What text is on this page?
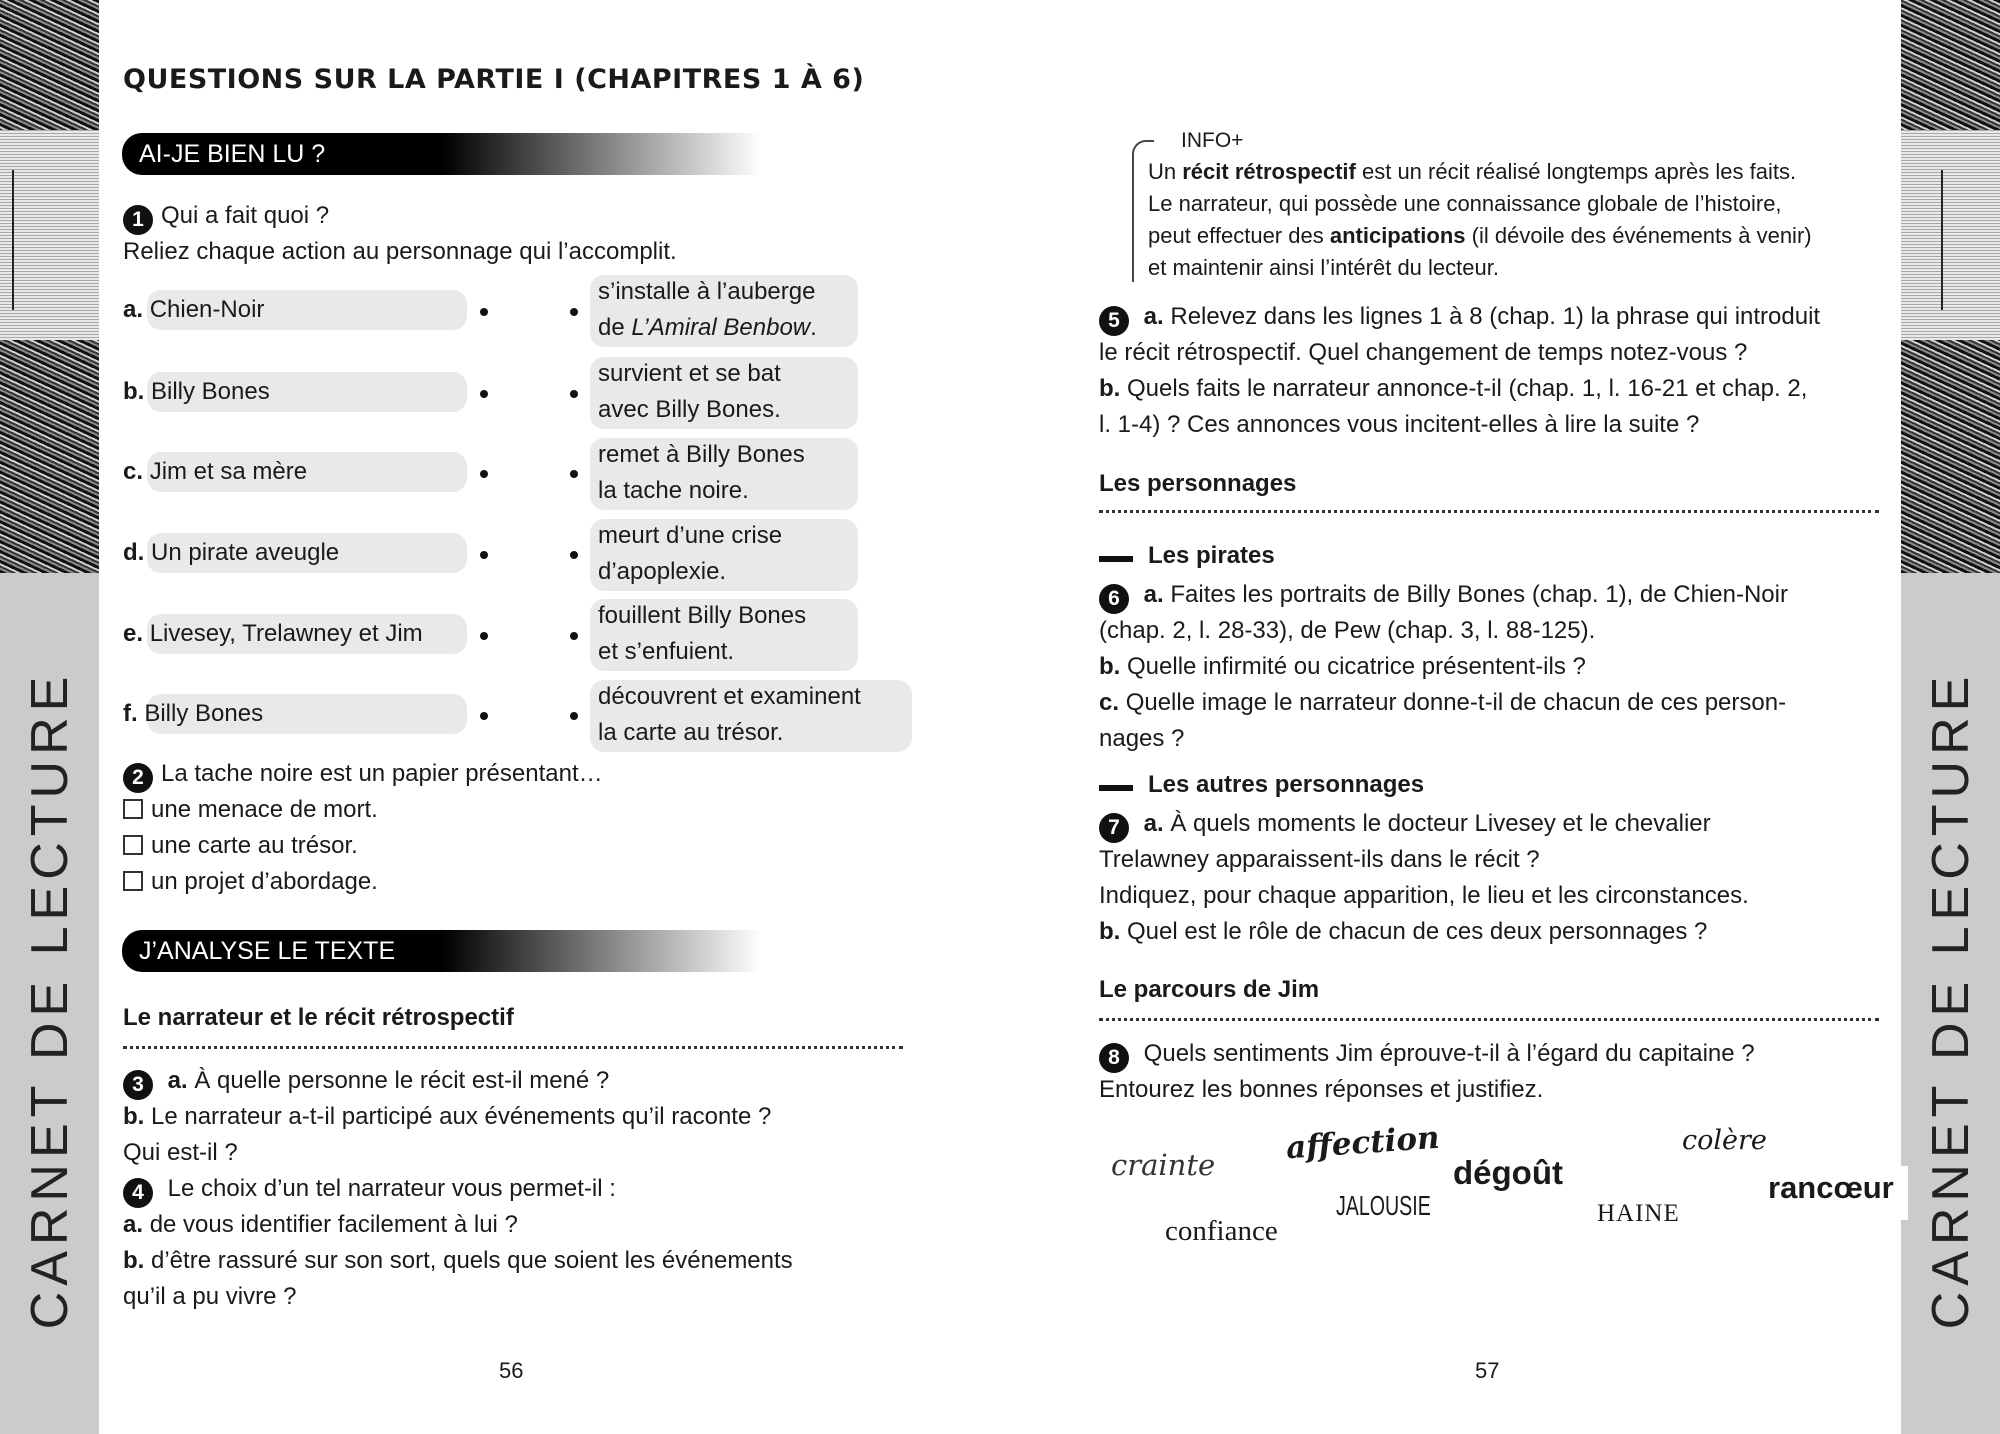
CARNET DE LECTURE	CARNET DE LECTURE
QUESTIONS SUR LA PARTIE I (CHAPITRES 1 À 6)
AI-JE BIEN LU ?
1 Qui a fait quoi ?
Reliez chaque action au personnage qui l’accomplit.
a. Chien-Noir
b. Billy Bones
c. Jim et sa mère
d. Un pirate aveugle
e. Livesey, Trelawney et Jim
f. Billy Bones
s’installe à l’auberge
de L’Amiral Benbow.
survient et se bat
avec Billy Bones.
remet à Billy Bones
la tache noire.
meurt d’une crise
d’apoplexie.
fouillent Billy Bones
et s’enfuient.
découvrent et examinent
la carte au trésor.
2 La tache noire est un papier présentant…
une menace de mort.
une carte au trésor.
un projet d’abordage.
J’ANALYSE LE TEXTE
Le narrateur et le récit rétrospectif
3 a. À quelle personne le récit est-il mené ?
b. Le narrateur a-t-il participé aux événements qu’il raconte ?
Qui est-il ?
4 Le choix d’un tel narrateur vous permet-il :
a. de vous identifier facilement à lui ?
b. d’être rassuré sur son sort, quels que soient les événements
qu’il a pu vivre ?
56
INFO+
Un récit rétrospectif est un récit réalisé longtemps après les faits.
Le narrateur, qui possède une connaissance globale de l’histoire,
peut effectuer des anticipations (il dévoile des événements à venir)
et maintenir ainsi l’intérêt du lecteur.
5 a. Relevez dans les lignes 1 à 8 (chap. 1) la phrase qui introduit
le récit rétrospectif. Quel changement de temps notez-vous ?
b. Quels faits le narrateur annonce-t-il (chap. 1, l. 16-21 et chap. 2,
l. 1-4) ? Ces annonces vous incitent-elles à lire la suite ?
Les personnages
Les pirates
6 a. Faites les portraits de Billy Bones (chap. 1), de Chien-Noir
(chap. 2, l. 28-33), de Pew (chap. 3, l. 88-125).
b. Quelle infirmité ou cicatrice présentent-ils ?
c. Quelle image le narrateur donne-t-il de chacun de ces person-
nages ?
Les autres personnages
7 a. À quels moments le docteur Livesey et le chevalier
Trelawney apparaissent-ils dans le récit ?
Indiquez, pour chaque apparition, le lieu et les circonstances.
b. Quel est le rôle de chacun de ces deux personnages ?
Le parcours de Jim
8 Quels sentiments Jim éprouve-t-il à l’égard du capitaine ?
Entourez les bonnes réponses et justifiez.
crainte affection
dégoût
colère
rancœur
JALOUSIE
confiance
HAINE
57
